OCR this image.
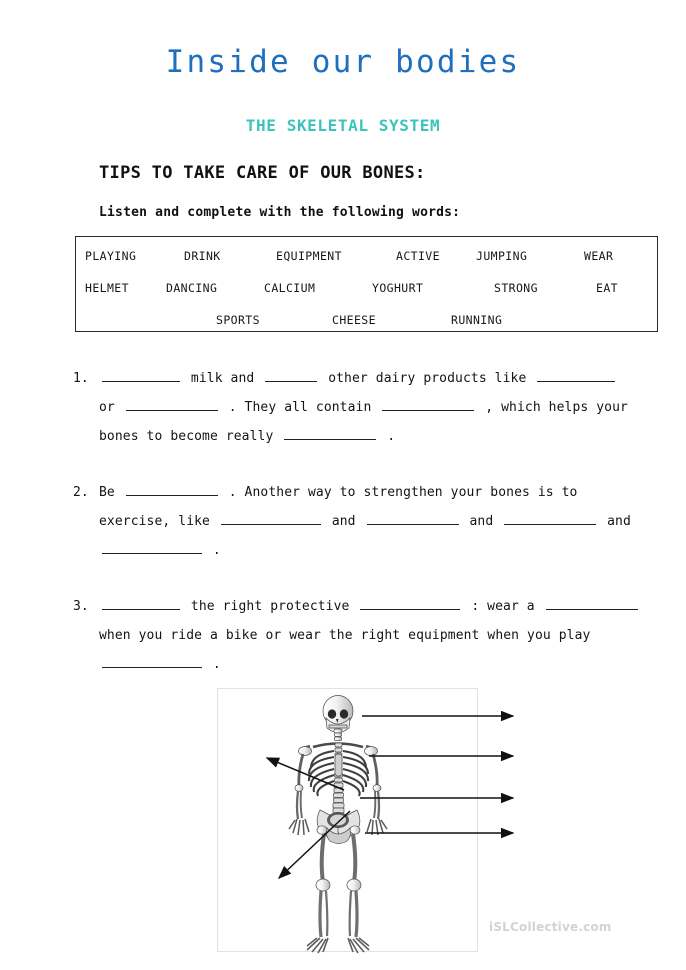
Inside our bodies
THE SKELETAL SYSTEM
TIPS TO TAKE CARE OF OUR BONES:
Listen and complete with the following words:
PLAYING	DRINK	EQUIPMENT	ACTIVE	JUMPING	WEAR
HELMET	DANCING	CALCIUM	YOGHURT	STRONG	EAT
SPORTS	CHEESE	RUNNING
1.	milk and	other dairy products like
or	. They all contain	, which helps your
bones to become really	.
2. Be	. Another way to strengthen your bones is to
exercise, like	and	and	and
.
3.	the right protective	: wear a
when you ride a bike or wear the right equipment when you play
.
iSLCollective.com
